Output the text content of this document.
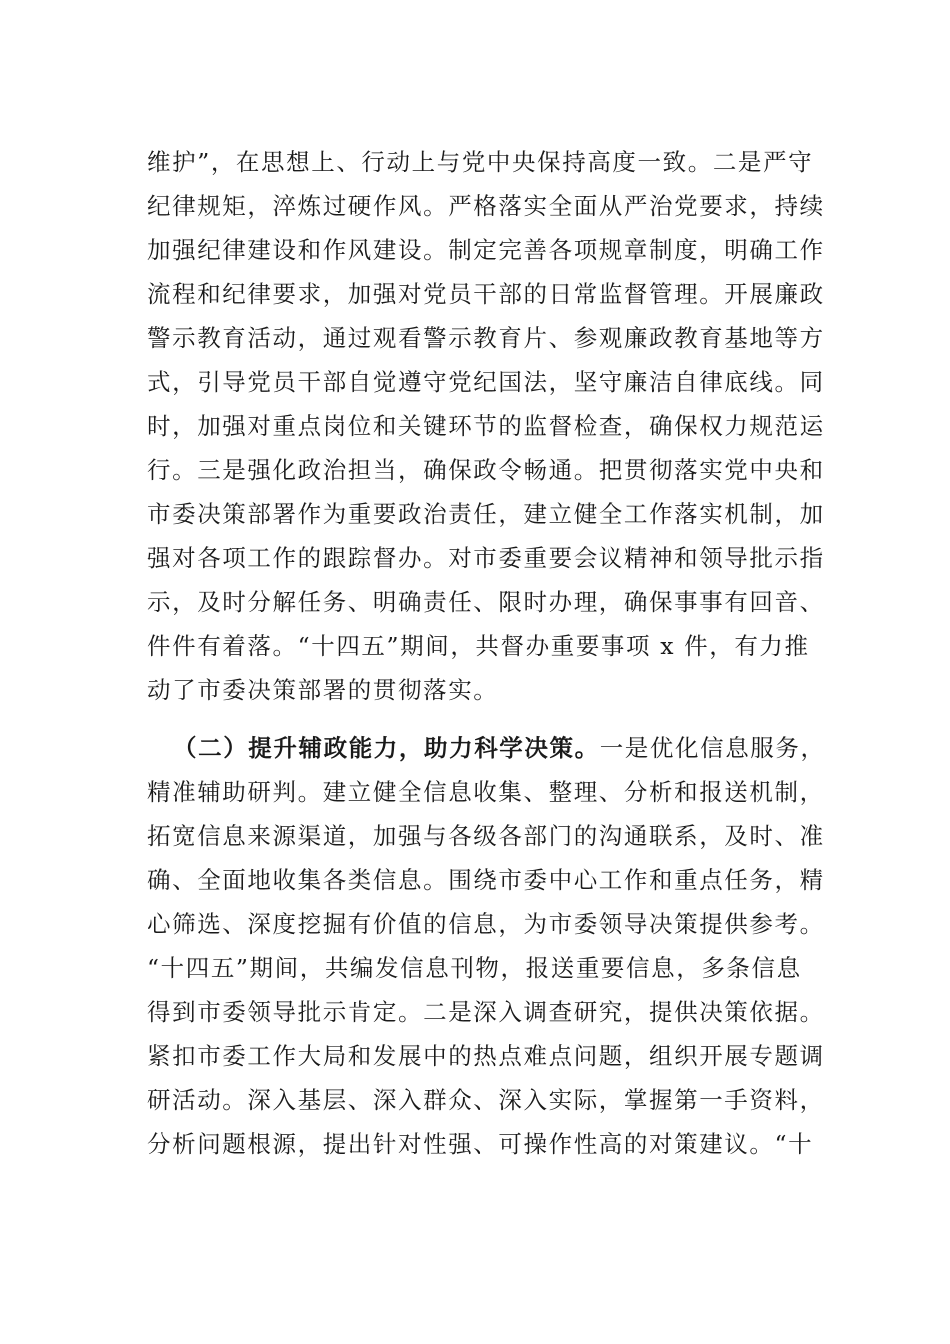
维护”，在思想上、行动上与党中央保持高度一致。二是严守
纪律规矩，淬炼过硬作风。严格落实全面从严治党要求，持续
加强纪律建设和作风建设。制定完善各项规章制度，明确工作
流程和纪律要求，加强对党员干部的日常监督管理。开展廉政
警示教育活动，通过观看警示教育片、参观廉政教育基地等方
式，引导党员干部自觉遵守党纪国法，坚守廉洁自律底线。同
时，加强对重点岗位和关键环节的监督检查，确保权力规范运
行。三是强化政治担当，确保政令畅通。把贯彻落实党中央和
市委决策部署作为重要政治责任，建立健全工作落实机制，加
强对各项工作的跟踪督办。对市委重要会议精神和领导批示指
示，及时分解任务、明确责任、限时办理，确保事事有回音、
件件有着落。“十四五”期间，共督办重要事项 x 件，有力推
动了市委决策部署的贯彻落实。
（二）提升辅政能力，助力科学决策。一是优化信息服务，
精准辅助研判。建立健全信息收集、整理、分析和报送机制，
拓宽信息来源渠道，加强与各级各部门的沟通联系，及时、准
确、全面地收集各类信息。围绕市委中心工作和重点任务，精
心筛选、深度挖掘有价值的信息，为市委领导决策提供参考。
“十四五”期间，共编发信息刊物，报送重要信息，多条信息
得到市委领导批示肯定。二是深入调查研究，提供决策依据。
紧扣市委工作大局和发展中的热点难点问题，组织开展专题调
研活动。深入基层、深入群众、深入实际，掌握第一手资料，
分析问题根源，提出针对性强、可操作性高的对策建议。“十
